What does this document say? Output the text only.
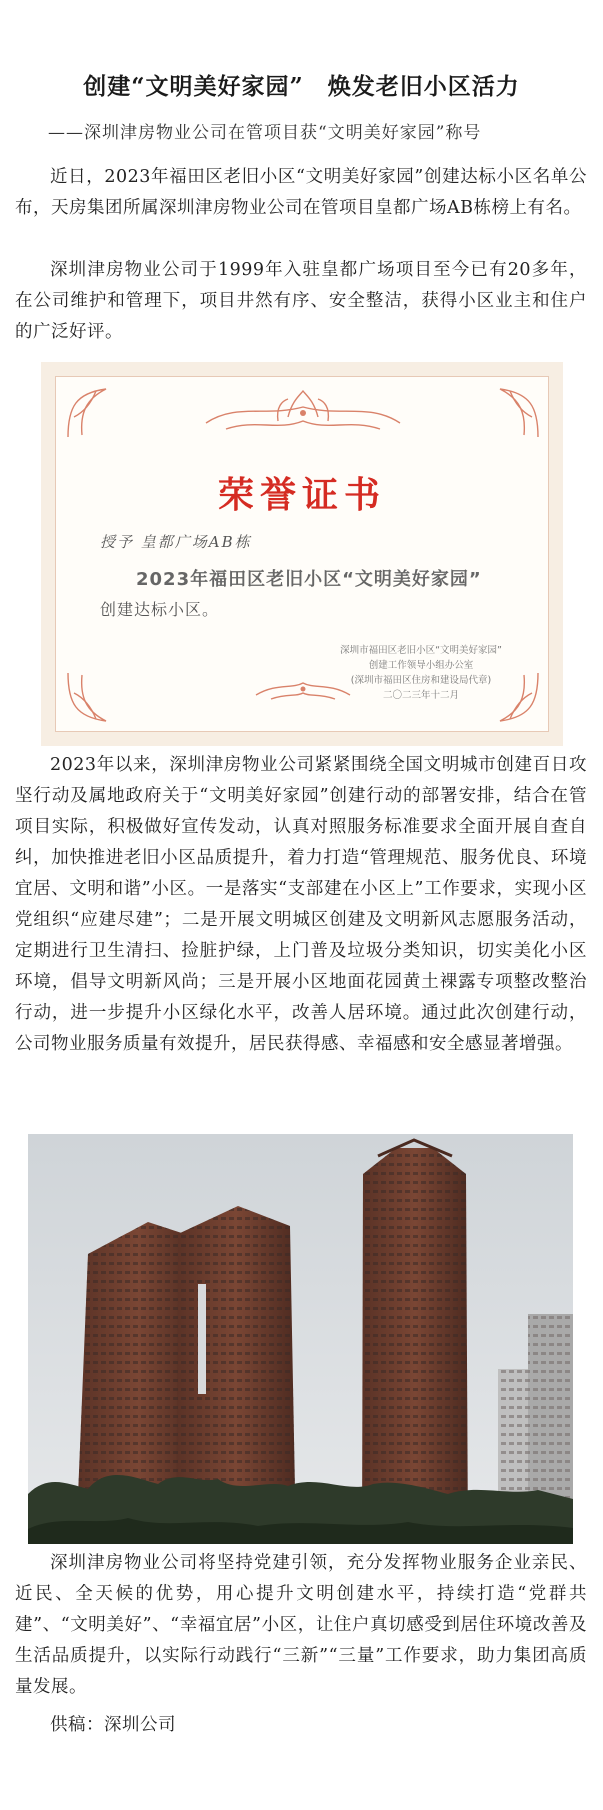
创建“文明美好家园”　焕发老旧小区活力
——深圳津房物业公司在管项目获“文明美好家园”称号
近日，2023年福田区老旧小区“文明美好家园”创建达标小区名单公布，天房集团所属深圳津房物业公司在管项目皇都广场AB栋榜上有名。
深圳津房物业公司于1999年入驻皇都广场项目至今已有20多年，在公司维护和管理下，项目井然有序、安全整洁，获得小区业主和住户的广泛好评。
荣誉证书
授予 皇都广场AB栋
2023年福田区老旧小区“文明美好家园”
创建达标小区。
深圳市福田区老旧小区“文明美好家园”
创建工作领导小组办公室
(深圳市福田区住房和建设局代章)
二〇二三年十二月
2023年以来，深圳津房物业公司紧紧围绕全国文明城市创建百日攻坚行动及属地政府关于“文明美好家园”创建行动的部署安排，结合在管项目实际，积极做好宣传发动，认真对照服务标准要求全面开展自查自纠，加快推进老旧小区品质提升，着力打造“管理规范、服务优良、环境宜居、文明和谐”小区。一是落实“支部建在小区上”工作要求，实现小区党组织“应建尽建”；二是开展文明城区创建及文明新风志愿服务活动，定期进行卫生清扫、捡脏护绿，上门普及垃圾分类知识，切实美化小区环境，倡导文明新风尚；三是开展小区地面花园黄土裸露专项整改整治行动，进一步提升小区绿化水平，改善人居环境。通过此次创建行动，公司物业服务质量有效提升，居民获得感、幸福感和安全感显著增强。
深圳津房物业公司将坚持党建引领，充分发挥物业服务企业亲民、近民、全天候的优势，用心提升文明创建水平，持续打造“党群共建”、“文明美好”、“幸福宜居”小区，让住户真切感受到居住环境改善及生活品质提升，以实际行动践行“三新”“三量”工作要求，助力集团高质量发展。
供稿：深圳公司
